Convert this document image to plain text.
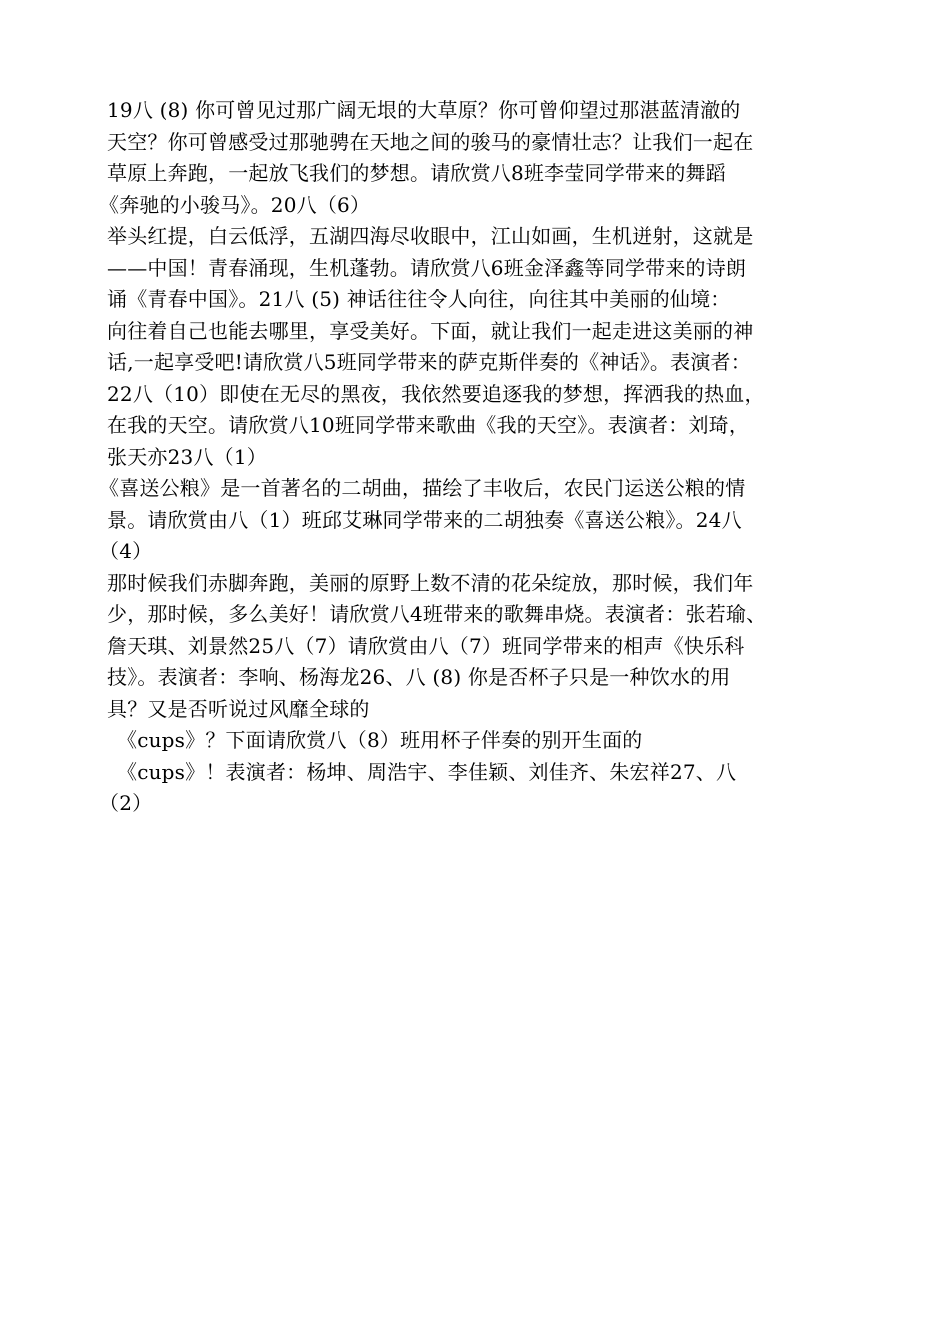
19八 (8) 你可曾见过那广阔无垠的大草原？你可曾仰望过那湛蓝清澈的
天空？你可曾感受过那驰骋在天地之间的骏马的豪情壮志？让我们一起在
草原上奔跑，一起放飞我们的梦想。请欣赏八8班李莹同学带来的舞蹈
《奔驰的小骏马》。20八（6）
举头红提，白云低浮，五湖四海尽收眼中，江山如画，生机迸射，这就是
——中国！青春涌现，生机蓬勃。请欣赏八6班金泽鑫等同学带来的诗朗
诵《青春中国》。21八 (5) 神话往往令人向往，向往其中美丽的仙境：
向往着自己也能去哪里，享受美好。下面，就让我们一起走进这美丽的神
话,一起享受吧!请欣赏八5班同学带来的萨克斯伴奏的《神话》。表演者：
22八（10）即使在无尽的黑夜，我依然要追逐我的梦想，挥洒我的热血，
在我的天空。请欣赏八10班同学带来歌曲《我的天空》。表演者：刘琦，
张天亦23八（1）
《喜送公粮》是一首著名的二胡曲，描绘了丰收后，农民门运送公粮的情
景。请欣赏由八（1）班邱艾琳同学带来的二胡独奏《喜送公粮》。24八
（4）
那时候我们赤脚奔跑，美丽的原野上数不清的花朵绽放，那时候，我们年
少，那时候，多么美好！请欣赏八4班带来的歌舞串烧。表演者：张若瑜、
詹天琪、刘景然25八（7）请欣赏由八（7）班同学带来的相声《快乐科
技》。表演者：李响、杨海龙26、八 (8) 你是否杯子只是一种饮水的用
具？又是否听说过风靡全球的
《cups》？下面请欣赏八（8）班用杯子伴奏的别开生面的
《cups》！表演者：杨坤、周浩宇、李佳颖、刘佳齐、朱宏祥27、八
（2）
